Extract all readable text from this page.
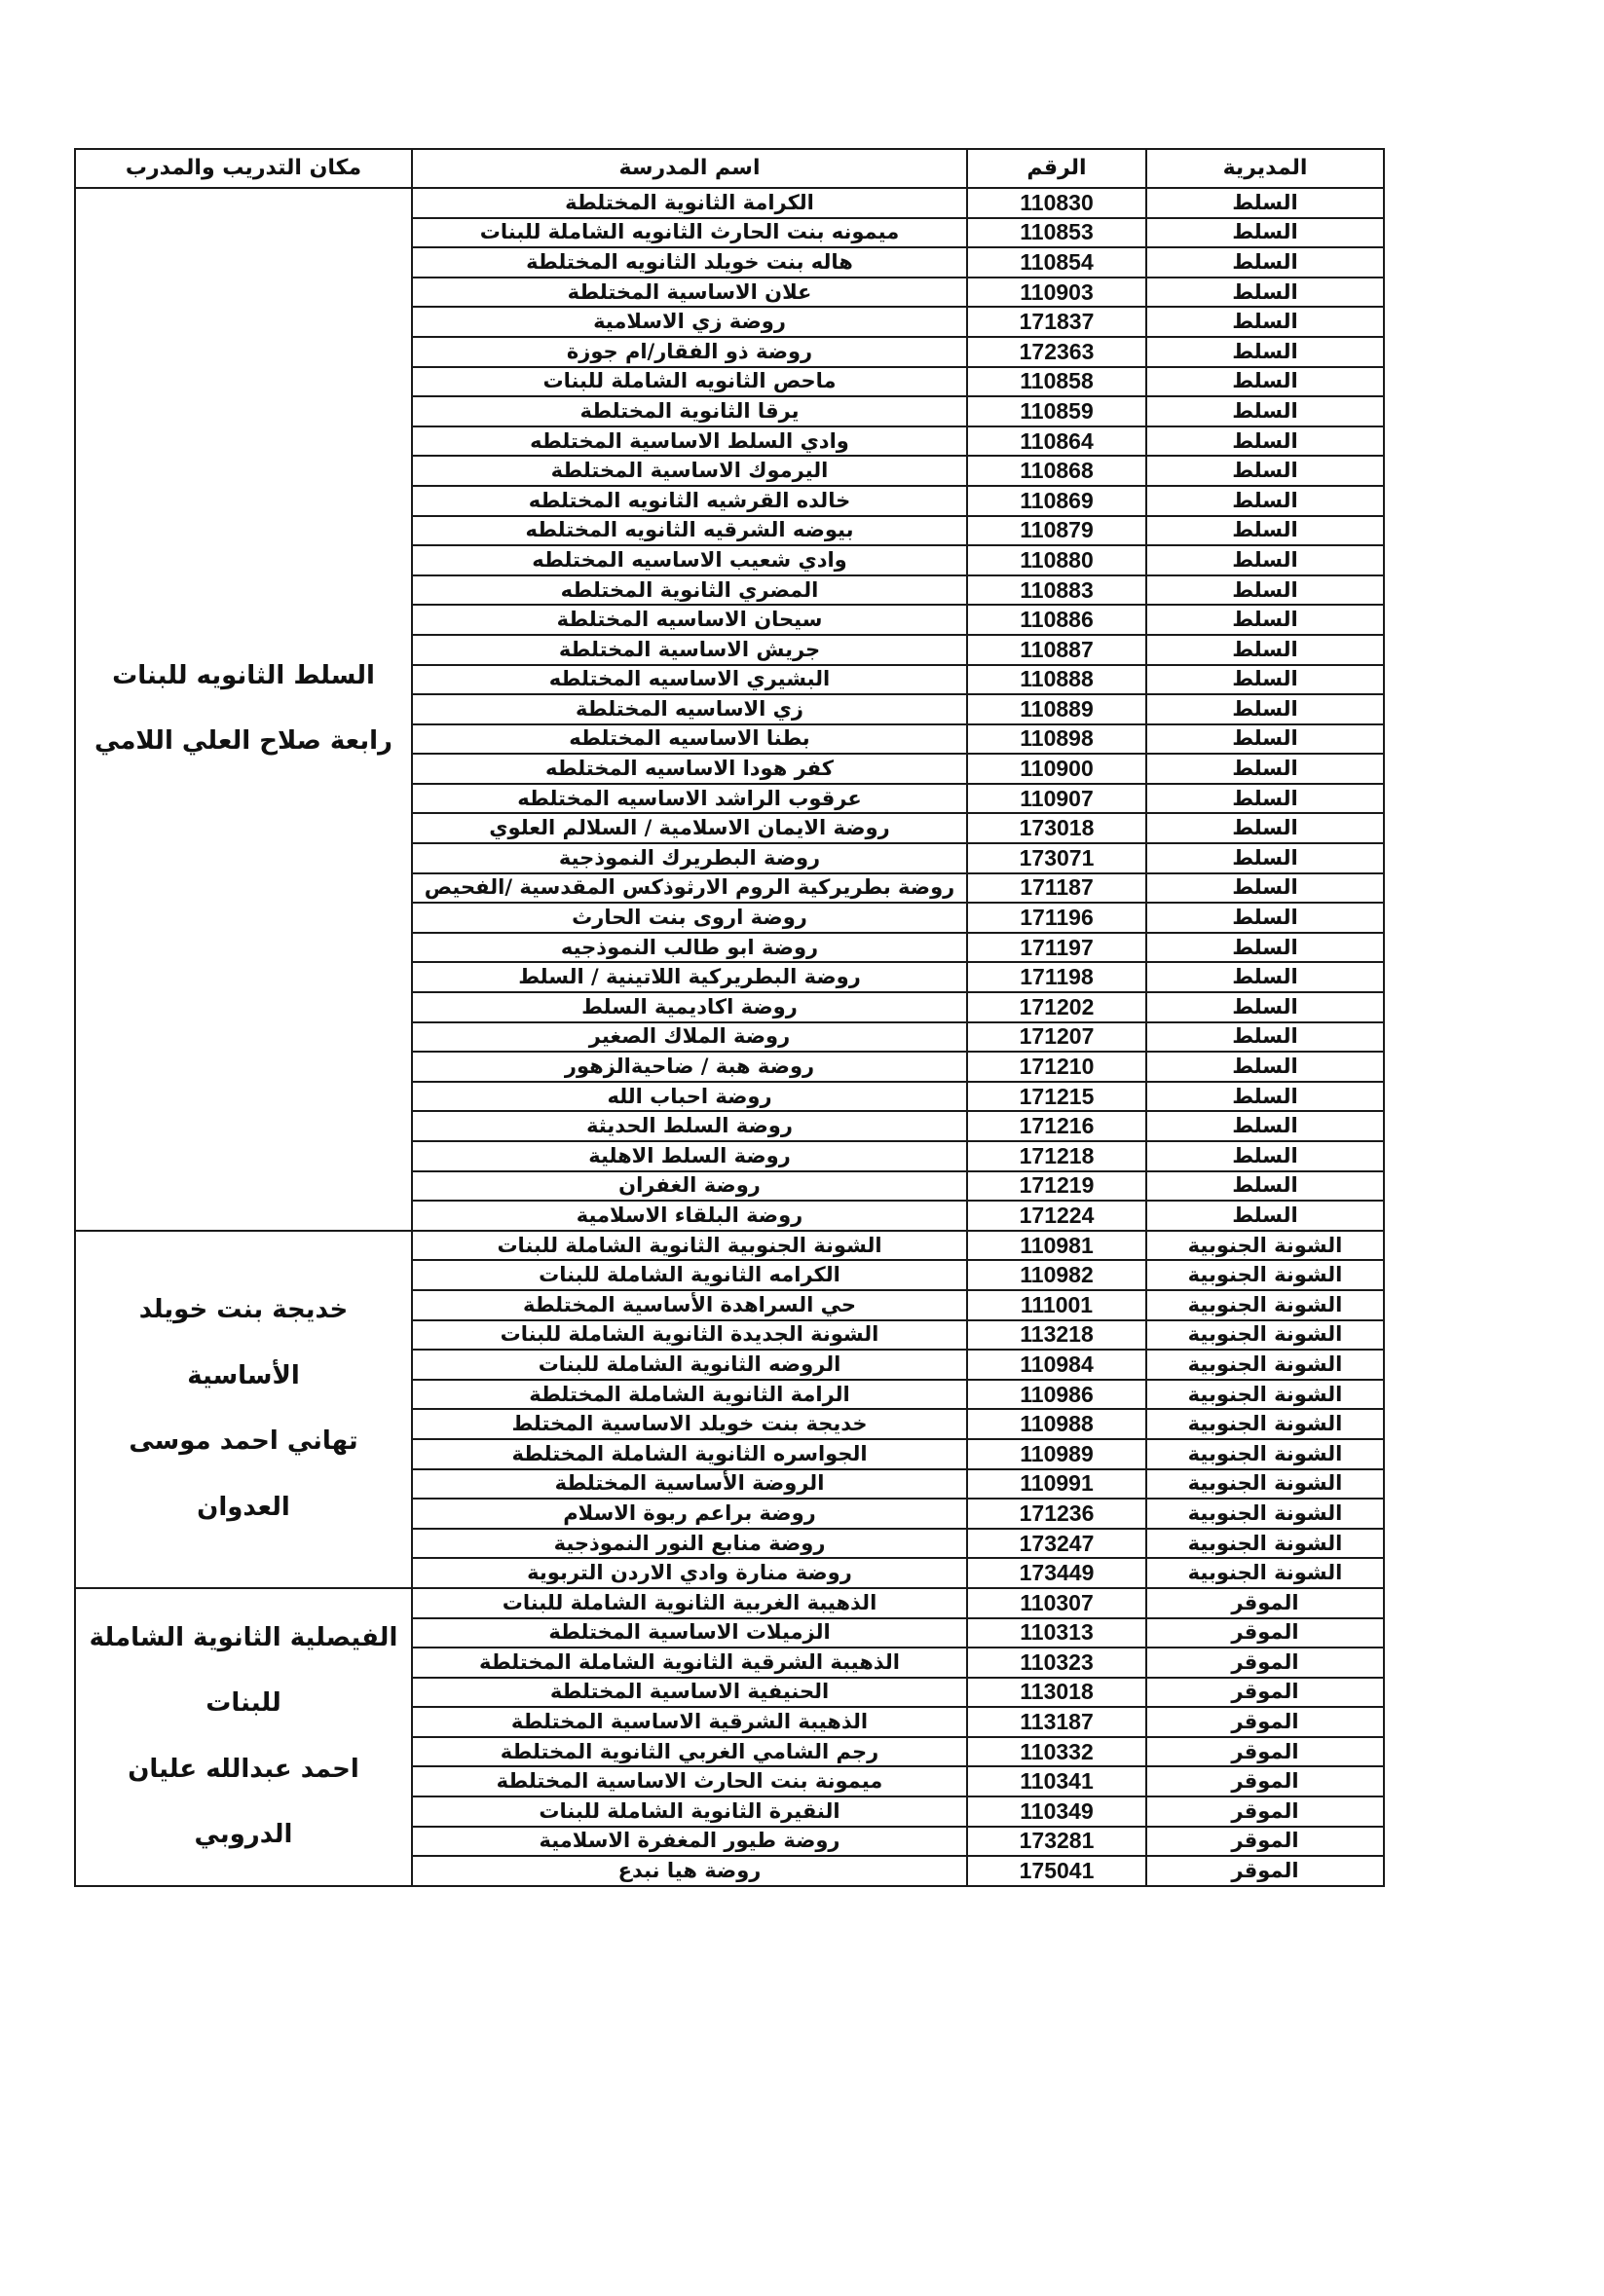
المديرية	الرقم	اسم المدرسة	مكان التدريب والمدرب
السلط	110830	الكرامة الثانوية المختلطة	السلط الثانويه للبنات
رابعة صلاح العلي اللامي

السلط	110853	ميمونه بنت الحارث الثانويه الشاملة للبنات	
السلط	110854	هاله بنت خويلد الثانويه المختلطة	
السلط	110903	علان الاساسية المختلطة	
السلط	171837	روضة زي الاسلامية	
السلط	172363	روضة ذو الفقار/ام جوزة	
السلط	110858	ماحص الثانويه الشاملة للبنات	
السلط	110859	يرقا الثانوية المختلطة	
السلط	110864	وادي السلط الاساسية المختلطه	
السلط	110868	اليرموك الاساسية المختلطة	
السلط	110869	خالده القرشيه الثانويه المختلطه	
السلط	110879	بيوضه الشرقيه الثانويه المختلطه	
السلط	110880	وادي شعيب الاساسيه المختلطه	
السلط	110883	المضري الثانوية المختلطه	
السلط	110886	سيحان الاساسيه المختلطة	
السلط	110887	جريش الاساسية المختلطة	
السلط	110888	البشيري الاساسيه المختلطه	
السلط	110889	زي الاساسيه المختلطة	
السلط	110898	بطنا الاساسيه المختلطه	
السلط	110900	كفر هودا الاساسيه المختلطه	
السلط	110907	عرقوب الراشد الاساسيه المختلطه	
السلط	173018	روضة الايمان الاسلامية / السلالم العلوي	
السلط	173071	روضة البطريرك النموذجية	
السلط	171187	روضة بطريركية الروم الارثوذكس المقدسية /الفحيص	
السلط	171196	روضة اروى بنت الحارث	
السلط	171197	روضة ابو طالب النموذجيه	
السلط	171198	روضة البطريركية اللاتينية / السلط	
السلط	171202	روضة اكاديمية السلط	
السلط	171207	روضة الملاك الصغير	
السلط	171210	روضة هبة / ضاحيةالزهور	
السلط	171215	روضة احباب الله	
السلط	171216	روضة السلط الحديثة	
السلط	171218	روضة السلط الاهلية	
السلط	171219	روضة الغفران	
السلط	171224	روضة البلقاء الاسلامية	
الشونة الجنوبية	110981	الشونة الجنوبية الثانوية الشاملة للبنات	خديجة بنت خويلد الأساسية
تهاني احمد موسى العدوان

الشونة الجنوبية	110982	الكرامه الثانوية الشاملة للبنات	
الشونة الجنوبية	111001	حي السراهدة الأساسية المختلطة	
الشونة الجنوبية	113218	الشونة الجديدة الثانوية الشاملة للبنات	
الشونة الجنوبية	110984	الروضه الثانوية الشاملة للبنات	
الشونة الجنوبية	110986	الرامة الثانوية الشاملة المختلطة	
الشونة الجنوبية	110988	خديجة بنت خويلد الاساسية المختلط	
الشونة الجنوبية	110989	الجواسره الثانوية الشاملة المختلطة	
الشونة الجنوبية	110991	الروضة الأساسية المختلطة	
الشونة الجنوبية	171236	روضة براعم ربوة الاسلام	
الشونة الجنوبية	173247	روضة منابع النور النموذجية	
الشونة الجنوبية	173449	روضة منارة وادي الاردن التربوية	
الموقر	110307	الذهيبة الغربية الثانوية الشاملة للبنات	الفيصلية الثانوية الشاملة للبنات
احمد عبدالله عليان الدروبي

الموقر	110313	الزميلات الاساسية المختلطة	
الموقر	110323	الذهيبة الشرقية الثانوية الشاملة المختلطة	
الموقر	113018	الحنيفية الاساسية المختلطة	
الموقر	113187	الذهيبة الشرقية الاساسية المختلطة	
الموقر	110332	رجم الشامي الغربي الثانوية المختلطة	
الموقر	110341	ميمونة بنت الحارث الاساسية المختلطة	
الموقر	110349	النقيرة الثانوية الشاملة للبنات	
الموقر	173281	روضة طيور المغفرة الاسلامية	
الموقر	175041	روضة هيا نبدع	
